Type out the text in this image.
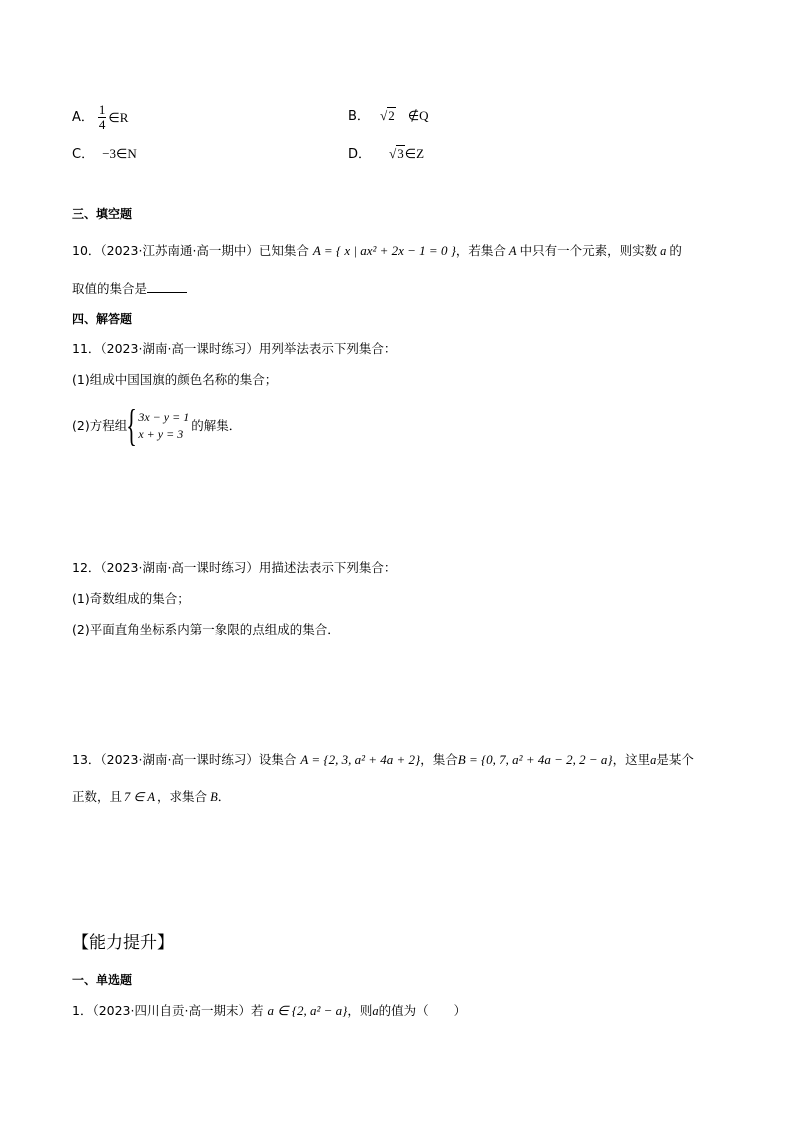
A． $\frac{1}{4}$ ∈R	B． √2 ∉Q
C． −3∈N	D． √3∈Z
三、填空题
10．（2023·江苏南通·高一期中）已知集合 A = { x | ax² + 2x − 1 = 0 }，若集合 A 中只有一个元素，则实数 a 的
取值的集合是
四、解答题
11．（2023·湖南·高一课时练习）用列举法表示下列集合：
(1)组成中国国旗的颜色名称的集合；
(2)方程组 { 3x − y = 1
x + y = 3
的解集．
12．（2023·湖南·高一课时练习）用描述法表示下列集合：
(1)奇数组成的集合；
(2)平面直角坐标系内第一象限的点组成的集合．
13．（2023·湖南·高一课时练习）设集合 A = {2, 3, a² + 4a + 2}，集合B = {0, 7, a² + 4a − 2, 2 − a}，这里a是某个
正数，且 7 ∈ A ，求集合 B．
【能力提升】
一、单选题
1．（2023·四川自贡·高一期末）若 a ∈ {2, a² − a}，则a的值为（　　）
